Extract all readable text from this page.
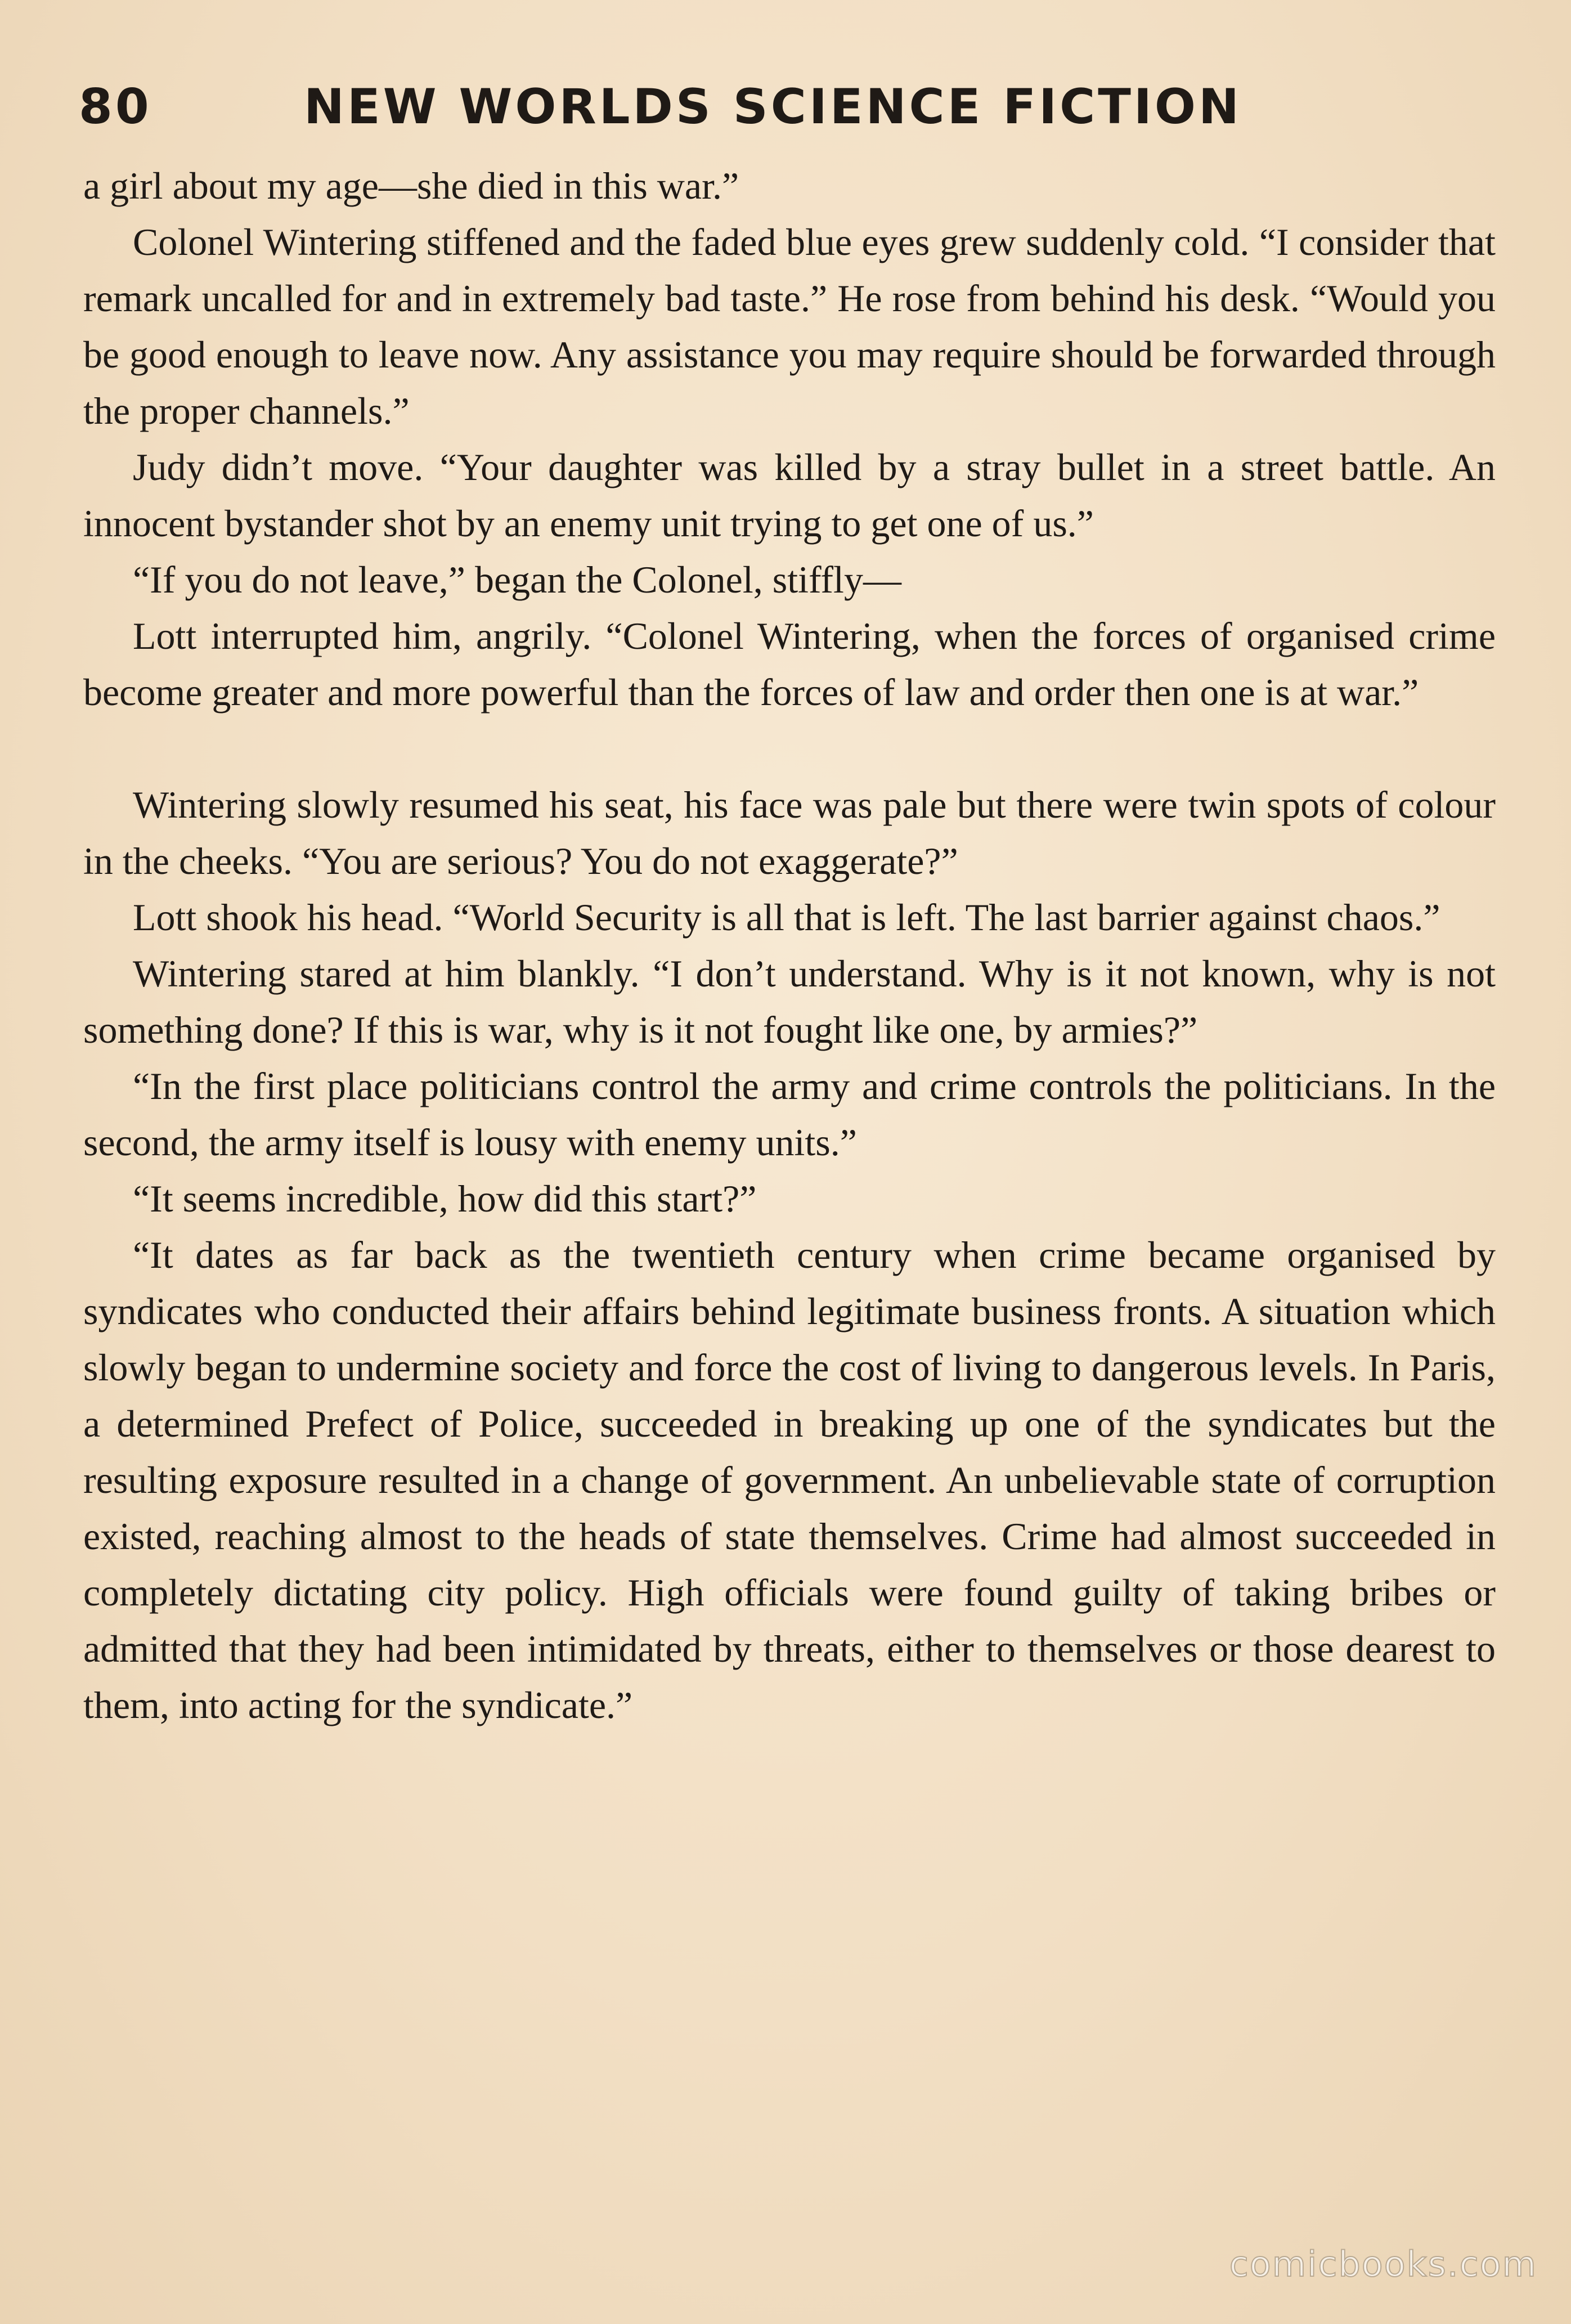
80	NEW WORLDS SCIENCE FICTION

a girl about my age—she died in this war.”

Colonel Wintering stiffened and the faded blue eyes grew suddenly cold. “I consider that remark uncalled for and in extremely bad taste.” He rose from behind his desk. “Would you be good enough to leave now. Any assistance you may require should be forwarded through the proper channels.”

Judy didn’t move. “Your daughter was killed by a stray bullet in a street battle. An innocent bystander shot by an enemy unit trying to get one of us.”

“If you do not leave,” began the Colonel, stiffly—

Lott interrupted him, angrily. “Colonel Wintering, when the forces of organised crime become greater and more powerful than the forces of law and order then one is at war.”

Wintering slowly resumed his seat, his face was pale but there were twin spots of colour in the cheeks. “You are serious? You do not exaggerate?”

Lott shook his head. “World Security is all that is left. The last barrier against chaos.”

Wintering stared at him blankly. “I don’t understand. Why is it not known, why is not something done? If this is war, why is it not fought like one, by armies?”

“In the first place politicians control the army and crime controls the politicians. In the second, the army itself is lousy with enemy units.”

“It seems incredible, how did this start?”

“It dates as far back as the twentieth century when crime became organised by syndicates who conducted their affairs behind legitimate business fronts. A situation which slowly began to undermine society and force the cost of living to dangerous levels. In Paris, a determined Prefect of Police, succeeded in breaking up one of the syndicates but the resulting exposure resulted in a change of government. An unbelievable state of corruption existed, reaching almost to the heads of state themselves. Crime had almost succeeded in completely dictating city policy. High officials were found guilty of taking bribes or admitted that they had been intimidated by threats, either to themselves or those dearest to them, into acting for the syndicate.”

comicbooks.com
